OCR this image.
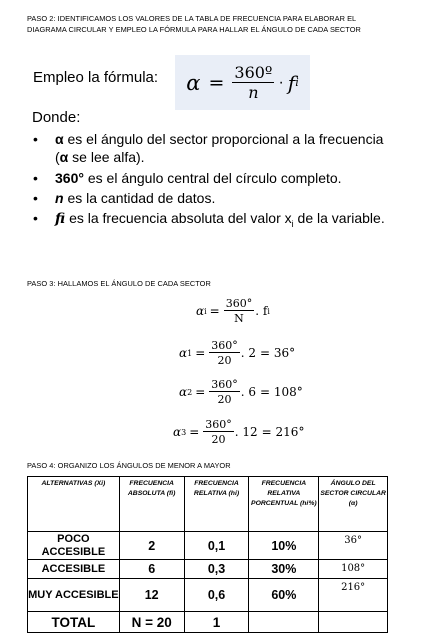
PASO 2: IDENTIFICAMOS LOS VALORES DE LA TABLA DE FRECUENCIA PARA ELABORAR EL
DIAGRAMA CIRCULAR Y EMPLEO LA FÓRMULA PARA HALLAR EL ÁNGULO DE CADA SECTOR
Empleo la fórmula: $\alpha = \frac{\text{360º}}{n} \cdot f$ i
Donde:
• α es el ángulo del sector proporcional a la frecuencia (α se lee alfa).
• 360° es el ángulo central del círculo completo.
• n es la cantidad de datos.
• fi es la frecuencia absoluta del valor $x_i$ de la variable.
PASO 3: HALLAMOS EL ÁNGULO DE CADA SECTOR
α $i = \frac{360^\circ}{N}$ . f i
α $1 = \frac{360^\circ}{20}$ . 2 = 36°
α $2 = \frac{360^\circ}{20}$ . 6 = 108°
α $3 = \frac{360^\circ}{20}$ . 12 = 216°
PASO 4: ORGANIZO LOS ÁNGULOS DE MENOR A MAYOR
ALTERNATIVAS (Xi)	FRECUENCIA ABSOLUTA (fi)	FRECUENCIA RELATIVA (hi)	FRECUENCIA RELATIVA PORCENTUAL (hi%)	ÁNGULO DEL SECTOR CIRCULAR (α)
POCO ACCESIBLE	2	0,1	10%	36°
ACCESIBLE	6	0,3	30%	108°
MUY ACCESIBLE	12	0,6	60%	216°
TOTAL	N = 20	1		
